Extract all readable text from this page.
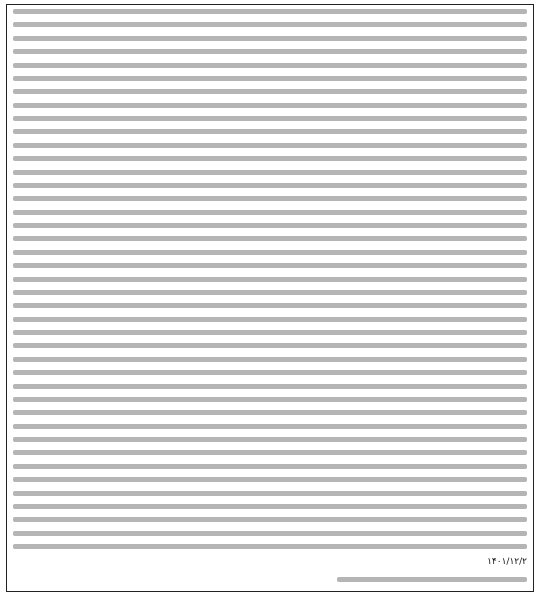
۱۴۰۱/۱۲/۲
